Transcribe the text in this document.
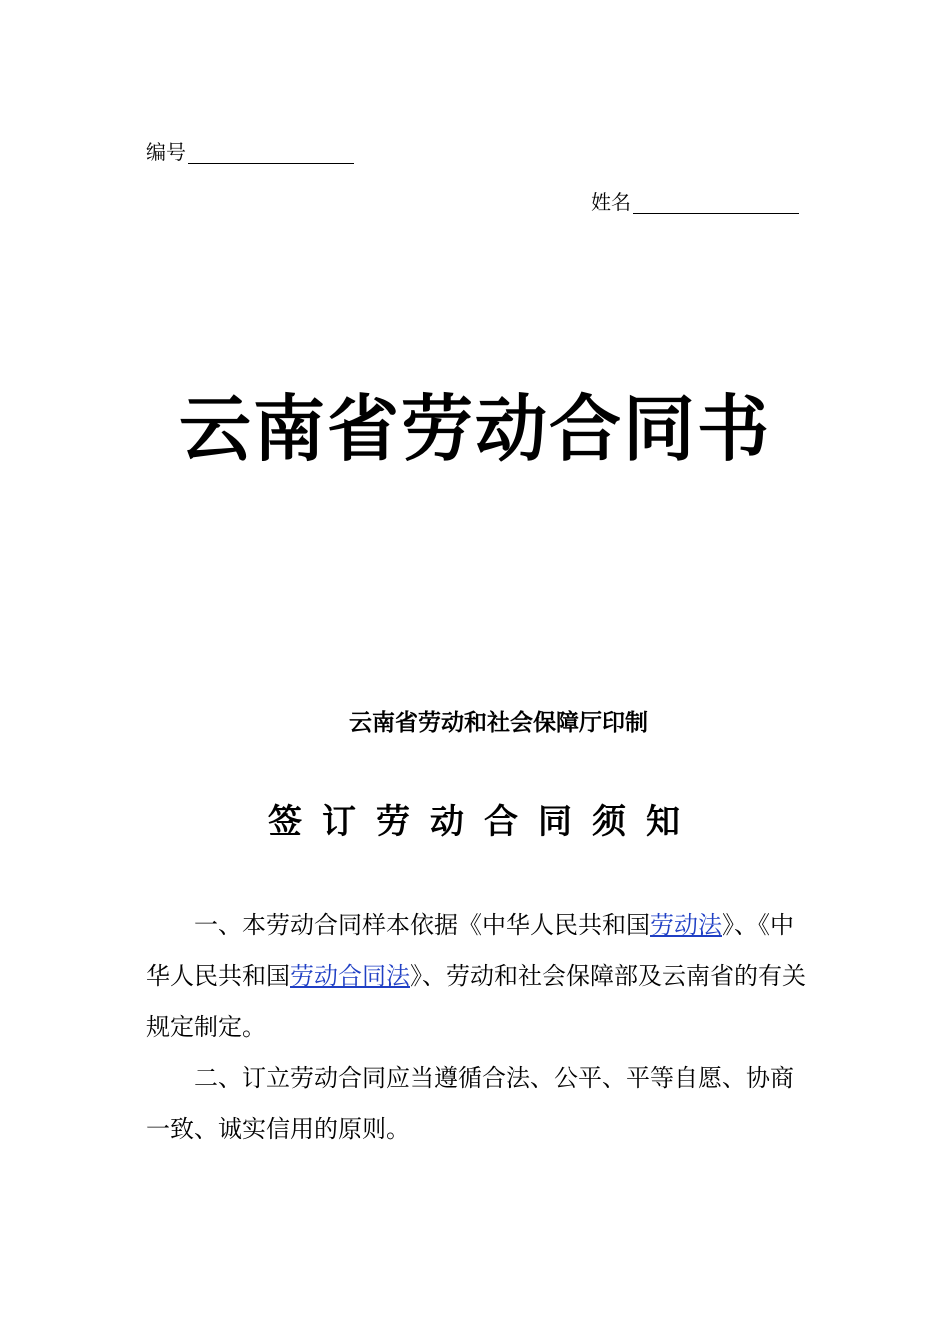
编号
姓名
云南省劳动合同书
云南省劳动和社会保障厅印制
签订劳动合同须知

一、本劳动合同样本依据《中华人民共和国劳动法》、《中华人民共和国劳动合同法》、劳动和社会保障部及云南省的有关规定制定。

二、订立劳动合同应当遵循合法、公平、平等自愿、协商一致、诚实信用的原则。
